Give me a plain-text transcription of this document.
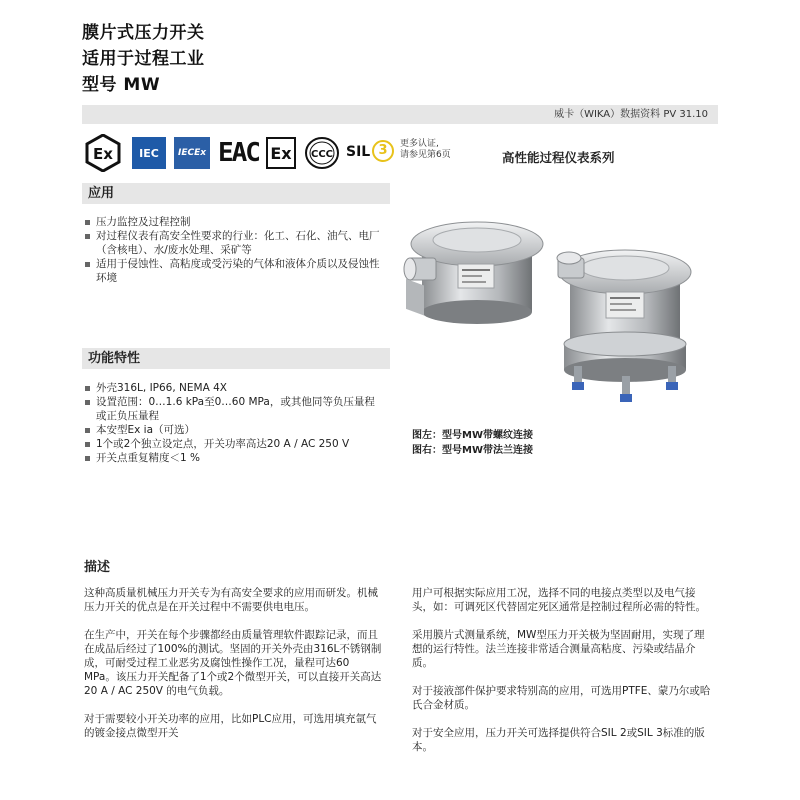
膜片式压力开关
适用于过程工业
型号 MW
威卡（WIKA）数据资料 PV 31.10
Ex IEC IECEx EAC Ex CCC SIL 3	更多认证,
请参见第6页	高性能过程仪表系列
应用
压力监控及过程控制
对过程仪表有高安全性要求的行业：化工、石化、油气、电厂（含核电）、水/废水处理、采矿等
适用于侵蚀性、高粘度或受污染的气体和液体介质以及侵蚀性环境
功能特性
外壳316L, IP66, NEMA 4X
设置范围：0…1.6 kPa至0…60 MPa，或其他同等负压量程或正负压量程
本安型Ex ia（可选）
1个或2个独立设定点，开关功率高达20 A / AC 250 V
开关点重复精度＜1 %
图左：型号MW带螺纹连接
图右：型号MW带法兰连接
描述

这种高质量机械压力开关专为有高安全要求的应用而研发。机械压力开关的优点是在开关过程中不需要供电电压。

在生产中，开关在每个步骤都经由质量管理软件跟踪记录，而且在成品后经过了100%的测试。坚固的开关外壳由316L不锈钢制成，可耐受过程工业恶劣及腐蚀性操作工况，量程可达60 MPa。该压力开关配备了1个或2个微型开关，可以直接开关高达20 A / AC 250V 的电气负载。

对于需要较小开关功率的应用，比如PLC应用，可选用填充氩气的镀金接点微型开关

用户可根据实际应用工况，选择不同的电接点类型以及电气接头，如：可调死区代替固定死区通常是控制过程所必需的特性。

采用膜片式测量系统，MW型压力开关极为坚固耐用，实现了理想的运行特性。法兰连接非常适合测量高粘度、污染或结晶介质。

对于接液部件保护要求特别高的应用，可选用PTFE、蒙乃尔或哈氏合金材质。

对于安全应用，压力开关可选择提供符合SIL 2或SIL 3标准的版本。
